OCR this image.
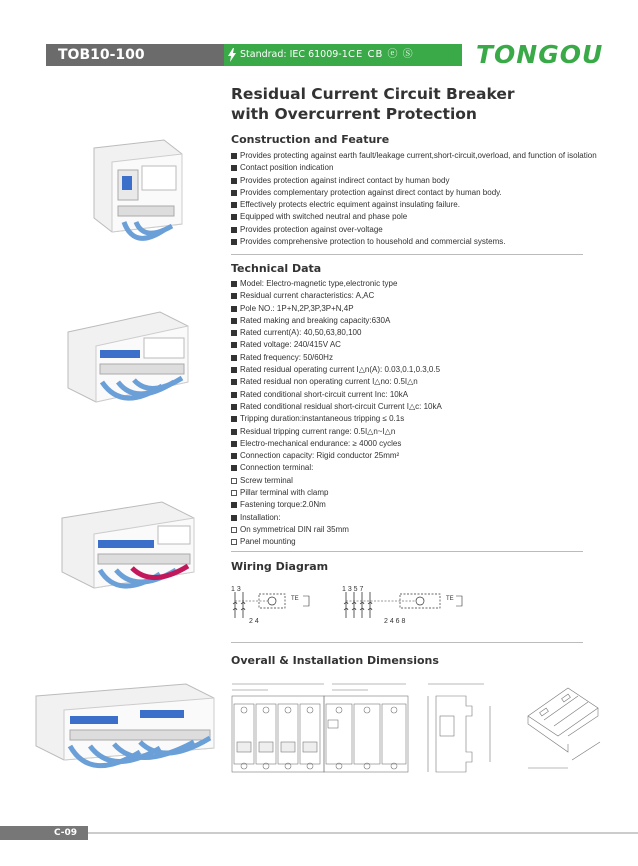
TOB10-100	Standrad: IEC 61009-1 CE CB ⓔ Ⓢ TONGOU
Residual Current Circuit Breaker
with Overcurrent Protection
Construction and Feature
Provides protecting against earth fault/leakage current,short-circuit,overload, and function of isolation
Contact position indication
Provides protection against indirect contact by human body
Provides complementary protection against direct contact by human body.
Effectively protects electric equiment against insulating failure.
Equipped with switched neutral and phase pole
Provides protection against over-voltage
Provides comprehensive protection to household and commercial systems.
Technical Data
Model: Electro-magnetic type,electronic type
Residual current characteristics: A,AC
Pole NO.: 1P+N,2P,3P,3P+N,4P
Rated making and breaking capacity:630A
Rated current(A): 40,50,63,80,100
Rated voltage: 240/415V AC
Rated frequency: 50/60Hz
Rated residual operating current I△n(A): 0.03,0.1,0.3,0.5
Rated residual non operating current I△no: 0.5I△n
Rated conditional short-circuit current Inc: 10kA
Rated conditional residual short-circuit Current I△c: 10kA
Tripping duration:instantaneous tripping ≤ 0.1s
Residual tripping current range: 0.5I△n~I△n
Electro-mechanical endurance: ≥ 4000 cycles
Connection capacity: Rigid conductor 25mm²
Connection terminal:
Screw terminal
Pillar terminal with clamp
Fastening torque:2.0Nm
Installation:
On symmetrical DIN rail 35mm
Panel mounting
Wiring Diagram
1 3
TE
2 4
1 3 5 7
TE
2 4 6 8
Overall & Installation Dimensions
C-09
